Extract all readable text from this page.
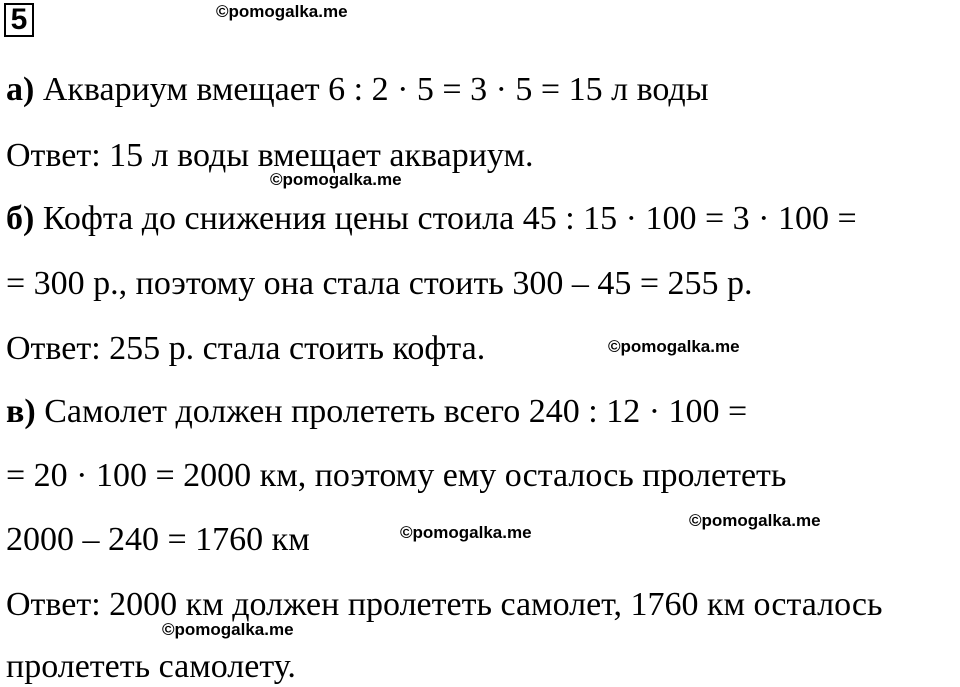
5	©pomogalka.me
а) Аквариум вмещает 6 : 2 · 5 = 3 · 5 = 15 л воды
Ответ: 15 л воды вмещает аквариум.
©pomogalka.me
б) Кофта до снижения цены стоила 45 : 15 · 100 = 3 · 100 =
= 300 р., поэтому она стала стоить 300 – 45 = 255 р.
Ответ: 255 р. стала стоить кофта.	©pomogalka.me
в) Самолет должен пролететь всего 240 : 12 · 100 =
= 20 · 100 = 2000 км, поэтому ему осталось пролететь
2000 – 240 = 1760 км	©pomogalka.me
©pomogalka.me
Ответ: 2000 км должен пролететь самолет, 1760 км осталось
©pomogalka.me
пролететь самолету.
